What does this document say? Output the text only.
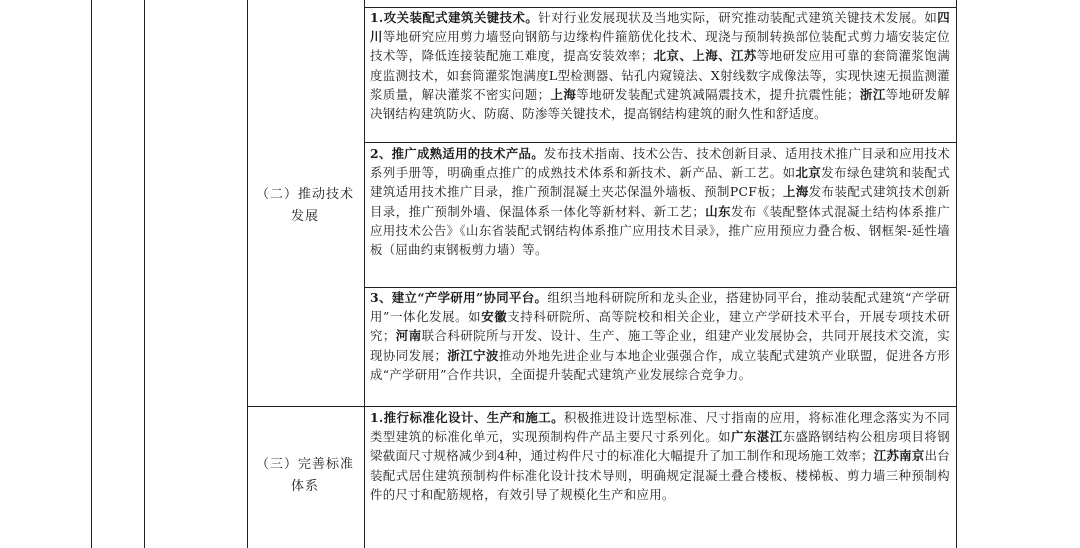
（二）推动技术
发展
（三）完善标准
体系
1.攻关装配式建筑关键技术。针对行业发展现状及当地实际，研究推动装配式建筑关键技术发展。如四川等地研究应用剪力墙竖向钢筋与边缘构件箍筋优化技术、现浇与预制转换部位装配式剪力墙安装定位技术等，降低连接装配施工难度，提高安装效率；北京、上海、江苏等地研发应用可靠的套筒灌浆饱满度监测技术，如套筒灌浆饱满度L型检测器、钻孔内窥镜法、X射线数字成像法等，实现快速无损监测灌浆质量，解决灌浆不密实问题；上海等地研发装配式建筑减隔震技术，提升抗震性能；浙江等地研发解决钢结构建筑防火、防腐、防渗等关键技术，提高钢结构建筑的耐久性和舒适度。
2、推广成熟适用的技术产品。发布技术指南、技术公告、技术创新目录、适用技术推广目录和应用技术系列手册等，明确重点推广的成熟技术体系和新技术、新产品、新工艺。如北京发布绿色建筑和装配式建筑适用技术推广目录，推广预制混凝土夹芯保温外墙板、预制PCF板；上海发布装配式建筑技术创新目录，推广预制外墙、保温体系一体化等新材料、新工艺；山东发布《装配整体式混凝土结构体系推广应用技术公告》《山东省装配式钢结构体系推广应用技术目录》，推广应用预应力叠合板、钢框架-延性墙板（屈曲约束钢板剪力墙）等。
3、建立“产学研用”协同平台。组织当地科研院所和龙头企业，搭建协同平台，推动装配式建筑“产学研用”一体化发展。如安徽支持科研院所、高等院校和相关企业，建立产学研技术平台，开展专项技术研究；河南联合科研院所与开发、设计、生产、施工等企业，组建产业发展协会，共同开展技术交流，实现协同发展；浙江宁波推动外地先进企业与本地企业强强合作，成立装配式建筑产业联盟，促进各方形成“产学研用”合作共识，全面提升装配式建筑产业发展综合竞争力。
1.推行标准化设计、生产和施工。积极推进设计选型标准、尺寸指南的应用，将标准化理念落实为不同类型建筑的标准化单元，实现预制构件产品主要尺寸系列化。如广东湛江东盛路钢结构公租房项目将钢梁截面尺寸规格减少到4种，通过构件尺寸的标准化大幅提升了加工制作和现场施工效率；江苏南京出台装配式居住建筑预制构件标准化设计技术导则，明确规定混凝土叠合楼板、楼梯板、剪力墙三种预制构件的尺寸和配筋规格，有效引导了规模化生产和应用。
